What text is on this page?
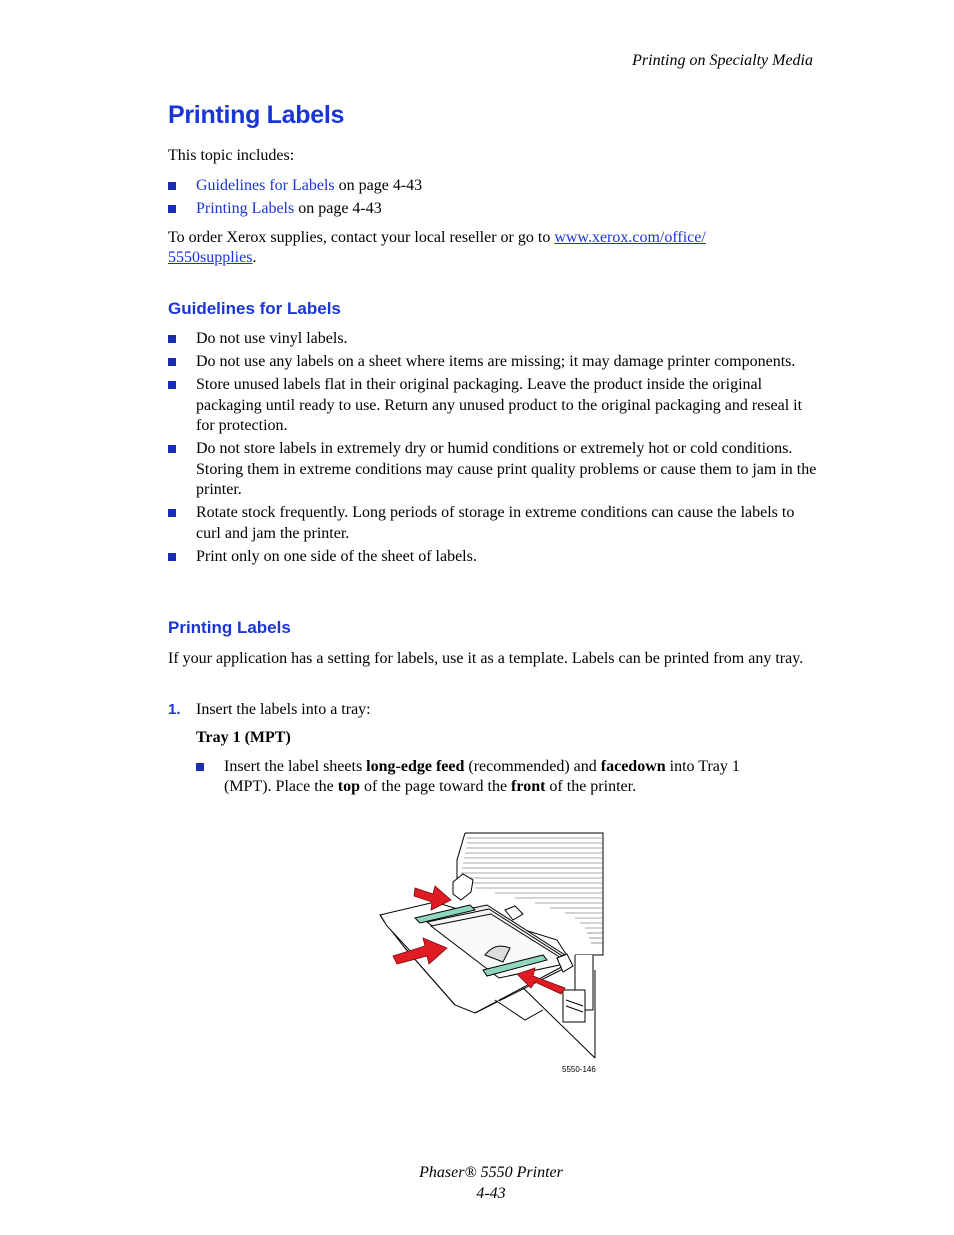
Printing on Specialty Media
Printing Labels

This topic includes:

Guidelines for Labels on page 4-43
Printing Labels on page 4-43

To order Xerox supplies, contact your local reseller or go to www.xerox.com/office/
5550supplies.

Guidelines for Labels
Do not use vinyl labels.
Do not use any labels on a sheet where items are missing; it may damage printer components.
Store unused labels flat in their original packaging. Leave the product inside the original packaging until ready to use. Return any unused product to the original packaging and reseal it for protection.
Do not store labels in extremely dry or humid conditions or extremely hot or cold conditions. Storing them in extreme conditions may cause print quality problems or cause them to jam in the printer.
Rotate stock frequently. Long periods of storage in extreme conditions can cause the labels to curl and jam the printer.
Print only on one side of the sheet of labels.
Printing Labels

If your application has a setting for labels, use it as a template. Labels can be printed from any tray.

1. Insert the labels into a tray:
Tray 1 (MPT)
Insert the label sheets long-edge feed (recommended) and facedown into Tray 1 (MPT). Place the top of the page toward the front of the printer.
5550-146
Phaser® 5550 Printer
4-43
